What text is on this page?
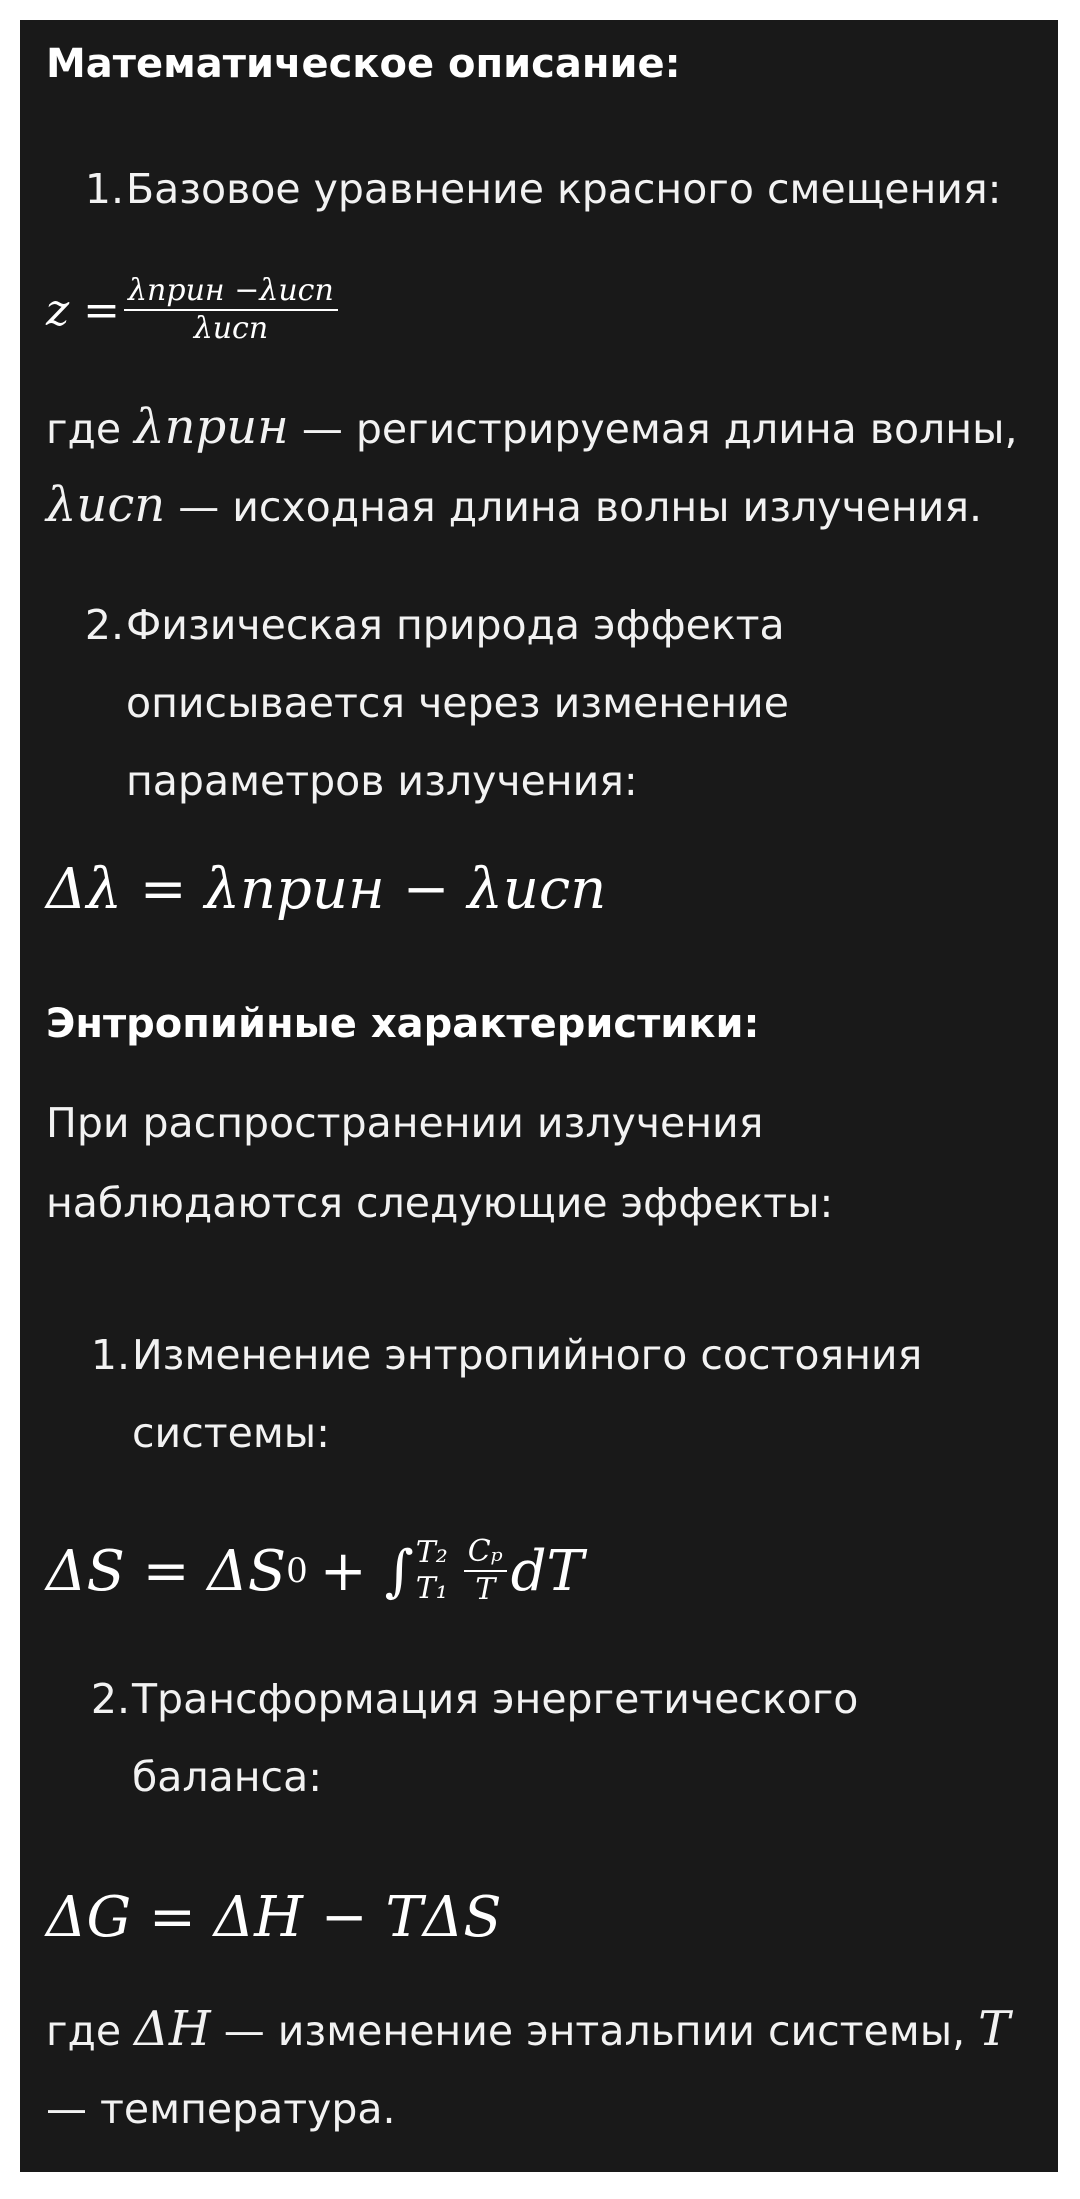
Математическое описание:
1. Базовое уравнение красного смещения:
$z = \frac{\text{λприн −λисп}}{\text{λисп}}$
где λприн — регистрируемая длина волны,
λисп — исходная длина волны излучения.
2. Физическая природа эффекта
описывается через изменение
параметров излучения:
Δλ = λприн − λисп
Энтропийные характеристики:
При распространении излучения
наблюдаются следующие эффекты:
1. Изменение энтропийного состояния
системы:
ΔS = ΔS 0 + ∫ T₂
$T_1 \frac{\text{Cₚ}}{T}$ dT
2. Трансформация энергетического
баланса:
ΔG = ΔH − TΔS
где ΔH — изменение энтальпии системы, T
— температура.
